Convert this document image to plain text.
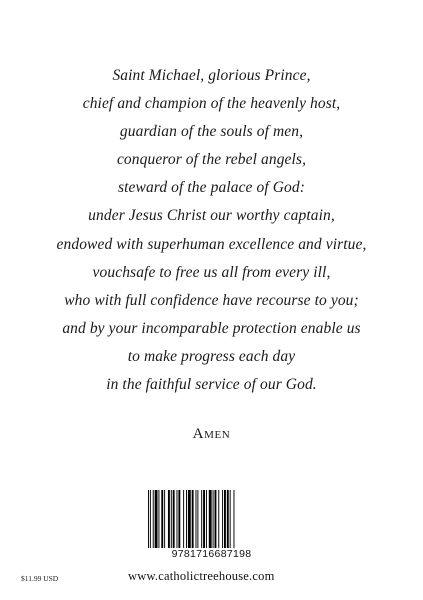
Saint Michael, glorious Prince,
chief and champion of the heavenly host,
guardian of the souls of men,
conqueror of the rebel angels,
steward of the palace of God:
under Jesus Christ our worthy captain,
endowed with superhuman excellence and virtue,
vouchsafe to free us all from every ill,
who with full confidence have recourse to you;
and by your incomparable protection enable us
to make progress each day
in the faithful service of our God.
Amen
9781716687198
$11.99 USD	www.catholictreehouse.com
